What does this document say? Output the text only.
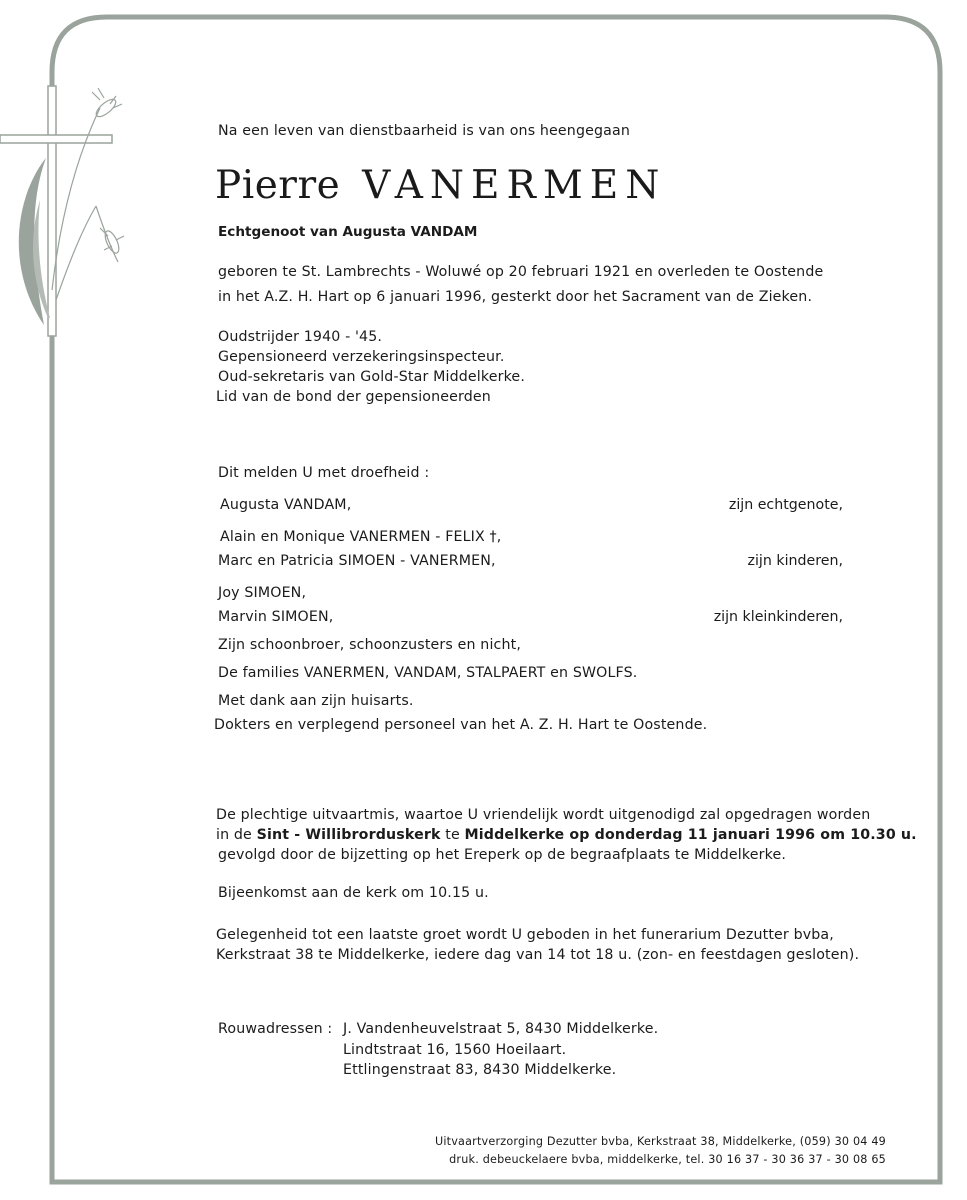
Na een leven van dienstbaarheid is van ons heengegaan
Pierre VANERMEN
Echtgenoot van Augusta VANDAM
geboren te St. Lambrechts - Woluwé op 20 februari 1921 en overleden te Oostende
in het A.Z. H. Hart op 6 januari 1996, gesterkt door het Sacrament van de Zieken.
Oudstrijder 1940 - '45.
Gepensioneerd verzekeringsinspecteur.
Oud-sekretaris van Gold-Star Middelkerke.
Lid van de bond der gepensioneerden
Dit melden U met droefheid :
Augusta VANDAM,	zijn echtgenote,
Alain en Monique VANERMEN - FELIX †,
Marc en Patricia SIMOEN - VANERMEN,	zijn kinderen,
Joy SIMOEN,
Marvin SIMOEN,	zijn kleinkinderen,
Zijn schoonbroer, schoonzusters en nicht,
De families VANERMEN, VANDAM, STALPAERT en SWOLFS.
Met dank aan zijn huisarts.
Dokters en verplegend personeel van het A. Z. H. Hart te Oostende.
De plechtige uitvaartmis, waartoe U vriendelijk wordt uitgenodigd zal opgedragen worden
in de Sint - Willibrorduskerk te Middelkerke op donderdag 11 januari 1996 om 10.30 u.
gevolgd door de bijzetting op het Ereperk op de begraafplaats te Middelkerke.
Bijeenkomst aan de kerk om 10.15 u.
Gelegenheid tot een laatste groet wordt U geboden in het funerarium Dezutter bvba,
Kerkstraat 38 te Middelkerke, iedere dag van 14 tot 18 u. (zon- en feestdagen gesloten).
Rouwadressen : J. Vandenheuvelstraat 5, 8430 Middelkerke.
Lindtstraat 16, 1560 Hoeilaart.
Ettlingenstraat 83, 8430 Middelkerke.
Uitvaartverzorging Dezutter bvba, Kerkstraat 38, Middelkerke, (059) 30 04 49
druk. debeuckelaere bvba, middelkerke, tel. 30 16 37 - 30 36 37 - 30 08 65
